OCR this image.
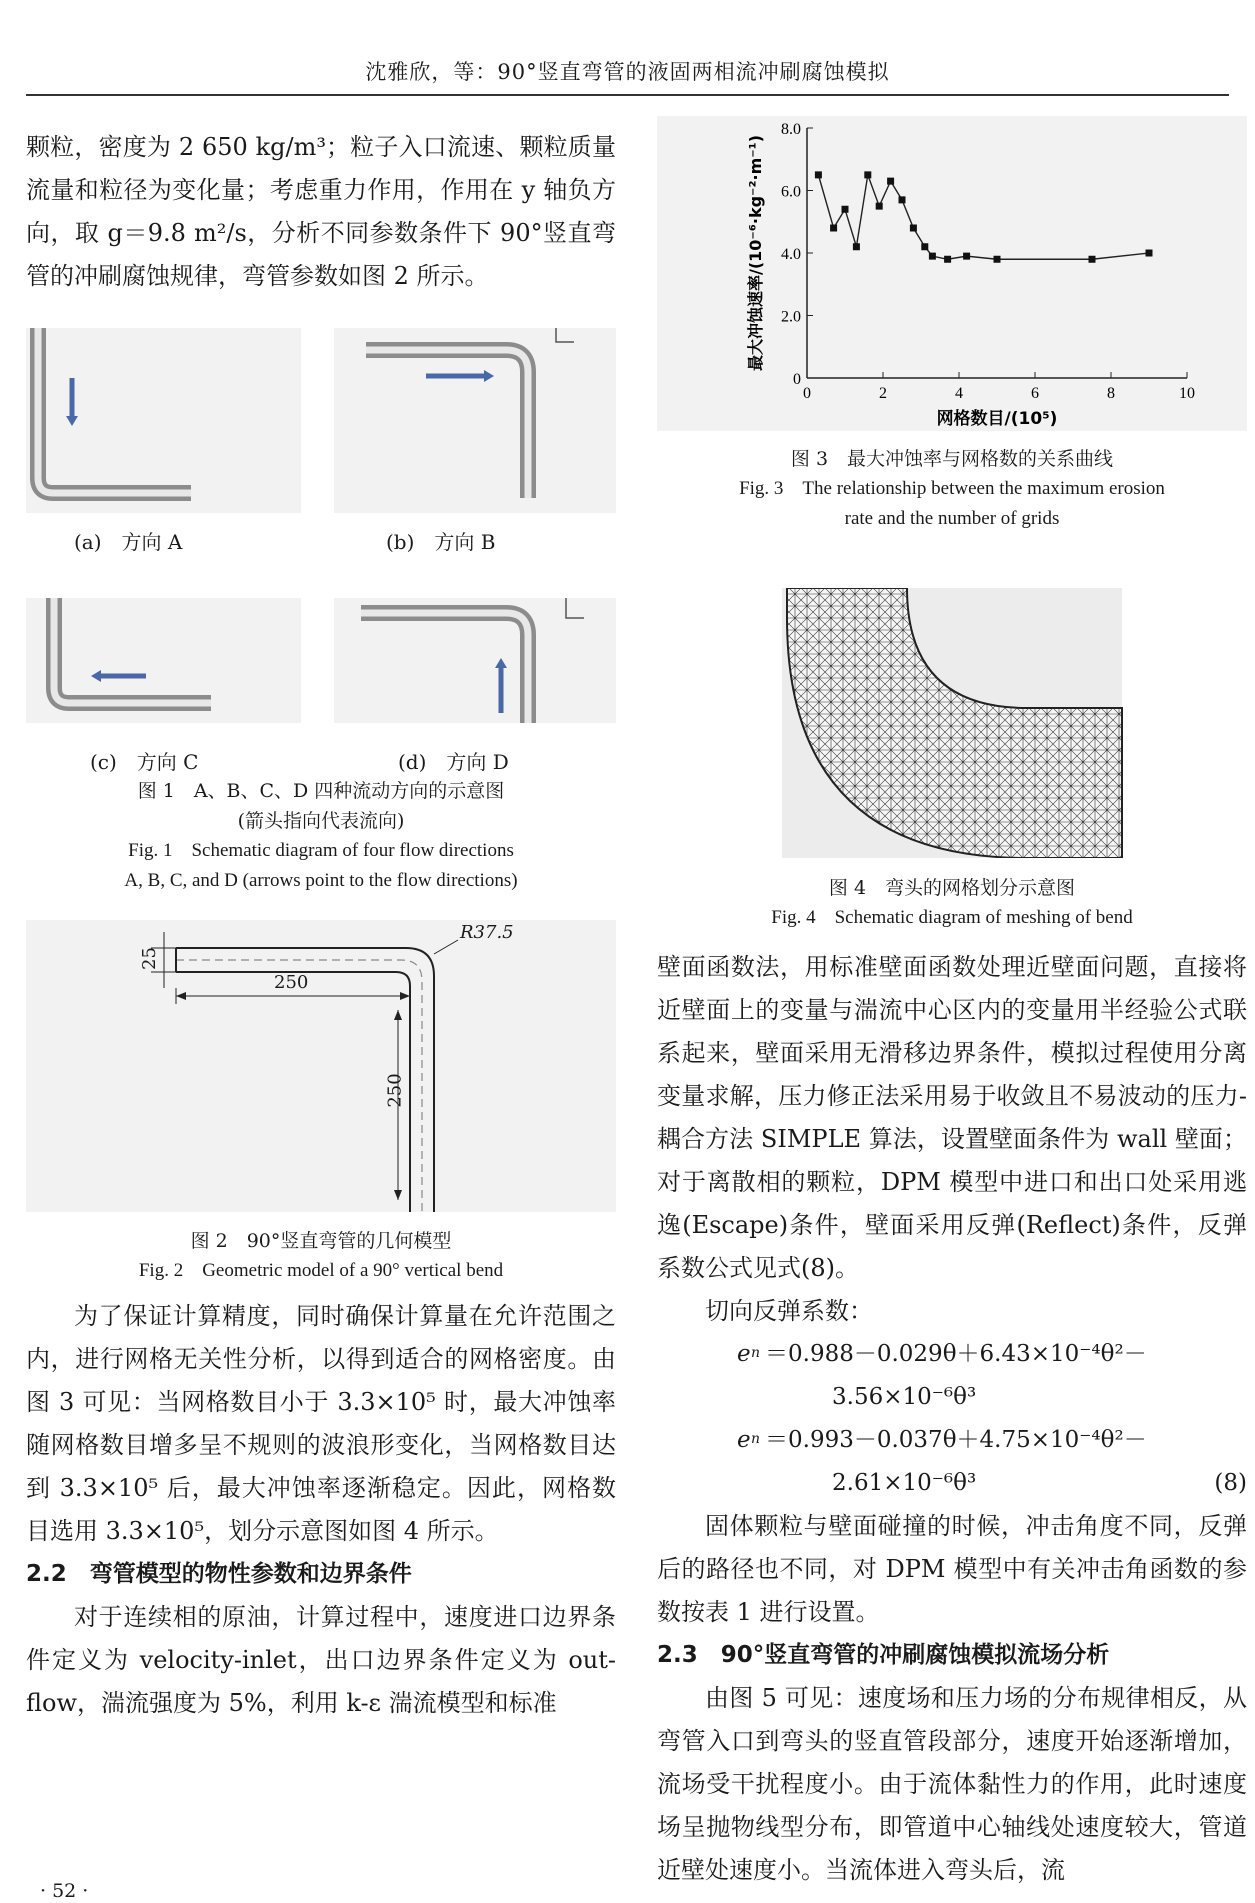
沈雅欣，等：90°竖直弯管的液固两相流冲刷腐蚀模拟

颗粒，密度为 2 650 kg/m³；粒子入口流速、颗粒质量流量和粒径为变化量；考虑重力作用，作用在 y 轴负方向，取 g＝9.8 m²/s，分析不同参数条件下 90°竖直弯管的冲刷腐蚀规律，弯管参数如图 2 所示。

(a)　方向 A	(b)　方向 B
(c)　方向 C	(d)　方向 D
图 1　A、B、C、D 四种流动方向的示意图
(箭头指向代表流向)
Fig. 1　Schematic diagram of four flow directions
A, B, C, and D (arrows point to the flow directions)
25
250
250
R37.5
图 2　90°竖直弯管的几何模型
Fig. 2　Geometric model of a 90° vertical bend

为了保证计算精度，同时确保计算量在允许范围之内，进行网格无关性分析，以得到适合的网格密度。由图 3 可见：当网格数目小于 3.3×10⁵ 时，最大冲蚀率随网格数目增多呈不规则的波浪形变化，当网格数目达到 3.3×10⁵ 后，最大冲蚀率逐渐稳定。因此，网格数目选用 3.3×10⁵，划分示意图如图 4 所示。

2.2　弯管模型的物性参数和边界条件

对于连续相的原油，计算过程中，速度进口边界条件定义为 velocity-inlet，出口边界条件定义为 out-flow，湍流强度为 5%，利用 k-ε 湍流模型和标准

0	2	4	6	8	10
0
2.0
4.0
6.0
8.0
网格数目/(10⁵)
最大冲蚀速率/(10⁻⁶·kg⁻²·m⁻¹)
图 3　最大冲蚀率与网格数的关系曲线
Fig. 3　The relationship between the maximum erosion
rate and the number of grids
图 4　弯头的网格划分示意图
Fig. 4　Schematic diagram of meshing of bend

壁面函数法，用标准壁面函数处理近壁面问题，直接将近壁面上的变量与湍流中心区内的变量用半经验公式联系起来，壁面采用无滑移边界条件，模拟过程使用分离变量求解，压力修正法采用易于收敛且不易波动的压力-耦合方法 SIMPLE 算法，设置壁面条件为 wall 壁面；对于离散相的颗粒，DPM 模型中进口和出口处采用逃逸(Escape)条件，壁面采用反弹(Reflect)条件，反弹系数公式见式(8)。

切向反弹系数：

e n ＝0.988－0.029θ＋6.43×10⁻⁴θ²－
3.56×10⁻⁶θ³
e n ＝0.993－0.037θ＋4.75×10⁻⁴θ²－
2.61×10⁻⁶θ³	(8)

固体颗粒与壁面碰撞的时候，冲击角度不同，反弹后的路径也不同，对 DPM 模型中有关冲击角函数的参数按表 1 进行设置。

2.3　90°竖直弯管的冲刷腐蚀模拟流场分析

由图 5 可见：速度场和压力场的分布规律相反，从弯管入口到弯头的竖直管段部分，速度开始逐渐增加，流场受干扰程度小。由于流体黏性力的作用，此时速度场呈抛物线型分布，即管道中心轴线处速度较大，管道近壁处速度小。当流体进入弯头后，流

· 52 ·
